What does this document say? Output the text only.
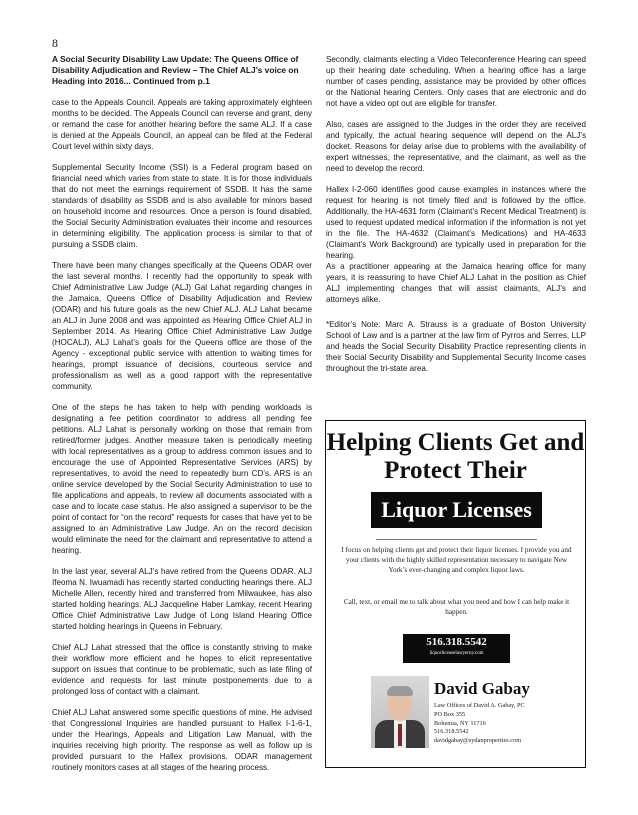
8

A Social Security Disability Law Update: The Queens Office of Disability Adjudication and Review – The Chief ALJ’s voice on Heading into 2016... Continued from p.1

case to the Appeals Council. Appeals are taking approximately eighteen months to be decided. The Appeals Council can reverse and grant, deny or remand the case for another hearing before the same ALJ. If a case is denied at the Appeals Council, an appeal can be filed at the Federal Court level within sixty days.

Supplemental Security Income (SSI) is a Federal program based on financial need which varies from state to state. It is for those individuals that do not meet the earnings requirement of SSDB. It has the same standards of disability as SSDB and is also available for minors based on household income and resources. Once a person is found disabled, the Social Security Administration evaluates their income and resources in determining eligibility. The application process is similar to that of pursuing a SSDB claim.

There have been many changes specifically at the Queens ODAR over the last several months. I recently had the opportunity to speak with Chief Administrative Law Judge (ALJ) Gal Lahat regarding changes in the Jamaica, Queens Office of Disability Adjudication and Review (ODAR) and his future goals as the new Chief ALJ. ALJ Lahat became an ALJ in June 2008 and was appointed as Hearing Office Chief ALJ in September 2014. As Hearing Office Chief Administrative Law Judge (HOCALJ), ALJ Lahat’s goals for the Queens office are those of the Agency - exceptional public service with attention to waiting times for hearings, prompt issuance of decisions, courteous service and professionalism as well as a good rapport with the representative community.

One of the steps he has taken to help with pending workloads is designating a fee petition coordinator to address all pending fee petitions. ALJ Lahat is personally working on those that remain from retired/former judges. Another measure taken is periodically meeting with local representatives as a group to address common issues and to encourage the use of Appointed Representative Services (ARS) by representatives, to avoid the need to repeatedly burn CD’s. ARS is an online service developed by the Social Security Administration to use to file applications and appeals, to review all documents associated with a case and to locate case status. He also assigned a supervisor to be the point of contact for “on the record” requests for cases that have yet to be assigned to an Administrative Law Judge. An on the record decision would eliminate the need for the claimant and representative to attend a hearing.

In the last year, several ALJ’s have retired from the Queens ODAR. ALJ Ifeoma N. Iwuamadi has recently started conducting hearings there. ALJ Michelle Allen, recently hired and transferred from Milwaukee, has also started holding hearings. ALJ Jacqueline Haber Lamkay, recent Hearing Office Chief Administrative Law Judge of Long Island Hearing Office started holding hearings in Queens in February.

Chief ALJ Lahat stressed that the office is constantly striving to make their workflow more efficient and he hopes to elicit representative support on issues that continue to be problematic, such as late filing of evidence and requests for last minute postponements due to a prolonged loss of contact with a claimant.

Chief ALJ Lahat answered some specific questions of mine. He advised that Congressional Inquiries are handled pursuant to Hallex I-1-6-1, under the Hearings, Appeals and Litigation Law Manual, with the inquiries receiving high priority. The response as well as follow up is provided pursuant to the Hallex provisions. ODAR management routinely monitors cases at all stages of the hearing process.

Secondly, claimants electing a Video Teleconference Hearing can speed up their hearing date scheduling. When a hearing office has a large number of cases pending, assistance may be provided by other offices or the National hearing Centers. Only cases that are electronic and do not have a video opt out are eligible for transfer.

Also, cases are assigned to the Judges in the order they are received and typically, the actual hearing sequence will depend on the ALJ’s docket. Reasons for delay arise due to problems with the availability of expert witnesses, the representative, and the claimant, as well as the need to develop the record.

Hallex I-2-060 identifies good cause examples in instances where the request for hearing is not timely filed and is followed by the office. Additionally, the HA-4631 form (Claimant’s Recent Medical Treatment) is used to request updated medical information if the information is not yet in the file. The HA-4632 (Claimant’s Medications) and HA-4633 (Claimant’s Work Background) are typically used in preparation for the hearing.
As a practitioner appearing at the Jamaica hearing office for many years, it is reassuring to have Chief ALJ Lahat in the position as Chief ALJ implementing changes that will assist claimants, ALJ’s and attorneys alike.

*Editor’s Note: Marc A. Strauss is a graduate of Boston University School of Law and is a partner at the law firm of Pyrros and Serres, LLP and heads the Social Security Disability Practice representing clients in their Social Security Disability and Supplemental Security Income cases throughout the tri-state area.

Helping Clients Get and Protect Their
Liquor Licenses
I focus on helping clients get and protect their liquor licenses. I provide you and your clients with the highly skilled representation necessary to navigate New York’s ever-changing and complex liquor laws.
Call, text, or email me to talk about what you need and how I can help make it happen.
516.318.5542
liquorlicenselawyerny.com
David Gabay
Law Offices of David A. Gabay, PC
PO Box 355
Bohemia, NY 11716
516.318.5542
davidgabay@sydanproperties.com
